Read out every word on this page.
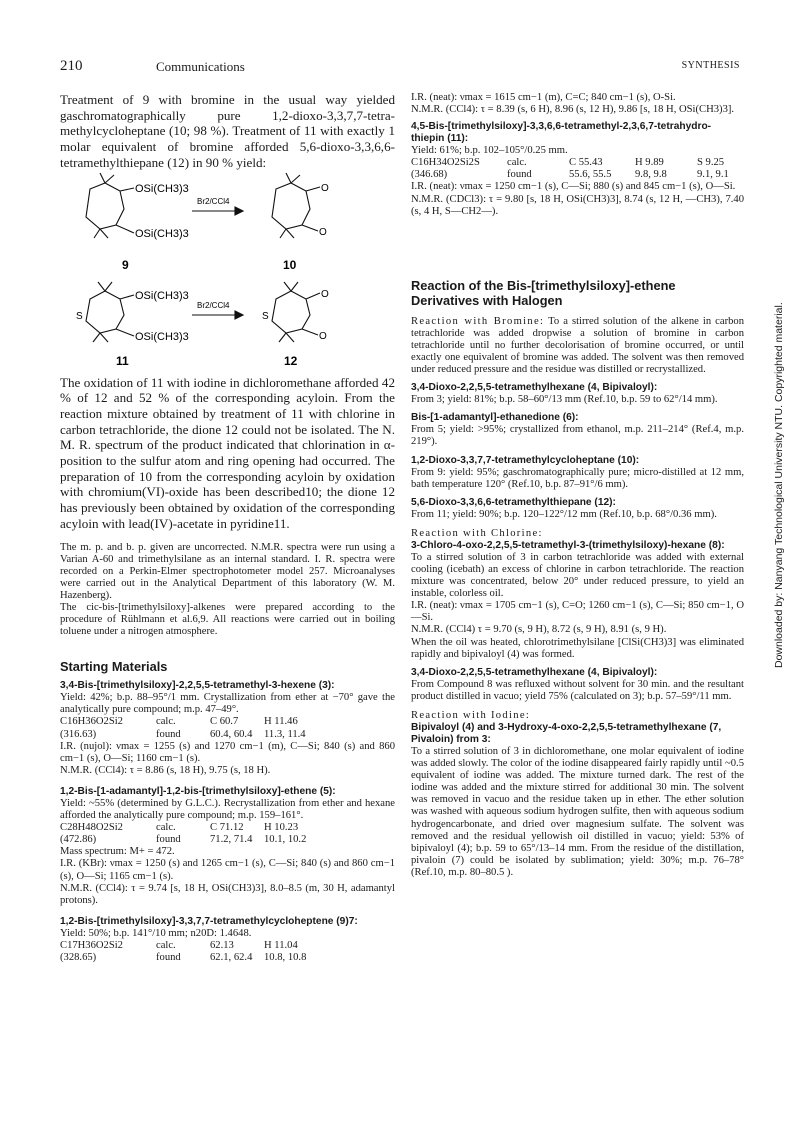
210	Communications	SYNTHESIS

Treatment of 9 with bromine in the usual way yielded gaschromatographically pure 1,2-dioxo-3,3,7,7-tetra-methylcycloheptane (10; 98 %). Treatment of 11 with exactly 1 molar equivalent of bromine afforded 5,6-dioxo-3,3,6,6-tetramethylthiepane (12) in 90 % yield:

OSi(CH3)3
OSi(CH3)3
Br2/CCl4
O
O
9	10
OSi(CH3)3
OSi(CH3)3
S	S
Br2/CCl4
O
O
11	12

The oxidation of 11 with iodine in dichloromethane afforded 42 % of 12 and 52 % of the corresponding acyloin. From the reaction mixture obtained by treatment of 11 with chlorine in carbon tetrachloride, the dione 12 could not be isolated. The N. M. R. spectrum of the product indicated that chlorination in α-position to the sulfur atom and ring opening had occurred. The preparation of 10 from the corresponding acyloin by oxidation with chromium(VI)-oxide has been described10; the dione 12 has previously been obtained by oxidation of the corresponding acyloin with lead(IV)-acetate in pyridine11.

The m. p. and b. p. given are uncorrected. N.M.R. spectra were run using a Varian A-60 and trimethylsilane as an internal standard. I. R. spectra were recorded on a Perkin-Elmer spectrophotometer model 257. Microanalyses were carried out in the Analytical Department of this laboratory (W. M. Hazenberg).

The cic-bis-[trimethylsiloxy]-alkenes were prepared according to the procedure of Rühlmann et al.6,9. All reactions were carried out in boiling toluene under a nitrogen atmosphere.

Starting Materials

3,4-Bis-[trimethylsiloxy]-2,2,5,5-tetramethyl-3-hexene (3):

Yield: 42%; b.p. 88–95°/1 mm. Crystallization from ether at −70° gave the analytically pure compound; m.p. 47–49°.

C16H36O2Si2	calc.	C 60.7	H 11.46
(316.63)	found	60.4, 60.4	11.3, 11.4

I.R. (nujol): νmax = 1255 (s) and 1270 cm−1 (m), C—Si; 840 (s) and 860 cm−1 (s), O—Si; 1160 cm−1 (s).

N.M.R. (CCl4): τ = 8.86 (s, 18 H), 9.75 (s, 18 H).

1,2-Bis-[1-adamantyl]-1,2-bis-[trimethylsiloxy]-ethene (5):

Yield: ~55% (determined by G.L.C.). Recrystallization from ether and hexane afforded the analytically pure compound; m.p. 159–161°.

C28H48O2Si2	calc.	C 71.12	H 10.23
(472.86)	found	71.2, 71.4	10.1, 10.2

Mass spectrum: M+ = 472.

I.R. (KBr): νmax = 1250 (s) and 1265 cm−1 (s), C—Si; 840 (s) and 860 cm−1 (s), O—Si; 1165 cm−1 (s).

N.M.R. (CCl4): τ = 9.74 [s, 18 H, OSi(CH3)3], 8.0–8.5 (m, 30 H, adamantyl protons).

1,2-Bis-[trimethylsiloxy]-3,3,7,7-tetramethylcycloheptene (9)7:

Yield: 50%; b.p. 141°/10 mm; n20D: 1.4648.

C17H36O2Si2	calc.	62.13	H 11.04
(328.65)	found	62.1, 62.4	10.8, 10.8

I.R. (neat): νmax = 1615 cm−1 (m), C=C; 840 cm−1 (s), O-Si.

N.M.R. (CCl4): τ = 8.39 (s, 6 H), 8.96 (s, 12 H), 9.86 [s, 18 H, OSi(CH3)3].

4,5-Bis-[trimethylsiloxy]-3,3,6,6-tetramethyl-2,3,6,7-tetrahydro-thiepin (11):

Yield: 61%; b.p. 102–105°/0.25 mm.

C16H34O2Si2S	calc.	C 55.43	H 9.89	S 9.25
(346.68)	found	55.6, 55.5	9.8, 9.8	9.1, 9.1

I.R. (neat): νmax = 1250 cm−1 (s), C—Si; 880 (s) and 845 cm−1 (s), O—Si.

N.M.R. (CDCl3): τ = 9.80 [s, 18 H, OSi(CH3)3], 8.74 (s, 12 H, —CH3), 7.40 (s, 4 H, S—CH2—).

Reaction of the Bis-[trimethylsiloxy]-ethene Derivatives with Halogen

Reaction with Bromine: To a stirred solution of the alkene in carbon tetrachloride was added dropwise a solution of bromine in carbon tetrachloride until no further decolorisation of bromine occurred, or until exactly one equivalent of bromine was added. The solvent was then removed under reduced pressure and the residue was distilled or recrystallized.

3,4-Dioxo-2,2,5,5-tetramethylhexane (4, Bipivaloyl):

From 3; yield: 81%; b.p. 58–60°/13 mm (Ref.10, b.p. 59 to 62°/14 mm).

Bis-[1-adamantyl]-ethanedione (6):

From 5; yield: >95%; crystallized from ethanol, m.p. 211–214° (Ref.4, m.p. 219°).

1,2-Dioxo-3,3,7,7-tetramethylcycloheptane (10):

From 9: yield: 95%; gaschromatographically pure; micro-distilled at 12 mm, bath temperature 120° (Ref.10, b.p. 87–91°/6 mm).

5,6-Dioxo-3,3,6,6-tetramethylthiepane (12):

From 11; yield: 90%; b.p. 120–122°/12 mm (Ref.10, b.p. 68°/0.36 mm).

Reaction with Chlorine:

3-Chloro-4-oxo-2,2,5,5-tetramethyl-3-(trimethylsiloxy)-hexane (8):

To a stirred solution of 3 in carbon tetrachloride was added with external cooling (icebath) an excess of chlorine in carbon tetrachloride. The reaction mixture was concentrated, below 20° under reduced pressure, to yield an instable, colorless oil.

I.R. (neat): νmax = 1705 cm−1 (s), C=O; 1260 cm−1 (s), C—Si; 850 cm−1, O—Si.

N.M.R. (CCl4) τ = 9.70 (s, 9 H), 8.72 (s, 9 H), 8.91 (s, 9 H).

When the oil was heated, chlorotrimethylsilane [ClSi(CH3)3] was eliminated rapidly and bipivaloyl (4) was formed.

3,4-Dioxo-2,2,5,5-tetramethylhexane (4, Bipivaloyl):

From Compound 8 was refluxed without solvent for 30 min. and the resultant product distilled in vacuo; yield 75% (calculated on 3); b.p. 57–59°/11 mm.

Reaction with Iodine:

Bipivaloyl (4) and 3-Hydroxy-4-oxo-2,2,5,5-tetramethylhexane (7, Pivaloin) from 3:

To a stirred solution of 3 in dichloromethane, one molar equivalent of iodine was added slowly. The color of the iodine disappeared fairly rapidly until ~0.5 equivalent of iodine was added. The mixture turned dark. The rest of the iodine was added and the mixture stirred for additional 30 min. The solvent was removed in vacuo and the residue taken up in ether. The ether solution was washed with aqueous sodium hydrogen sulfite, then with aqueous sodium hydrogencarbonate, and dried over magnesium sulfate. The solvent was removed and the residual yellowish oil distilled in vacuo; yield: 53% of bipivaloyl (4); b.p. 59 to 65°/13–14 mm. From the residue of the distillation, pivaloin (7) could be isolated by sublimation; yield: 30%; m.p. 76–78° (Ref.10, m.p. 80–80.5 ).

Downloaded by: Nanyang Technological University NTU. Copyrighted material.
